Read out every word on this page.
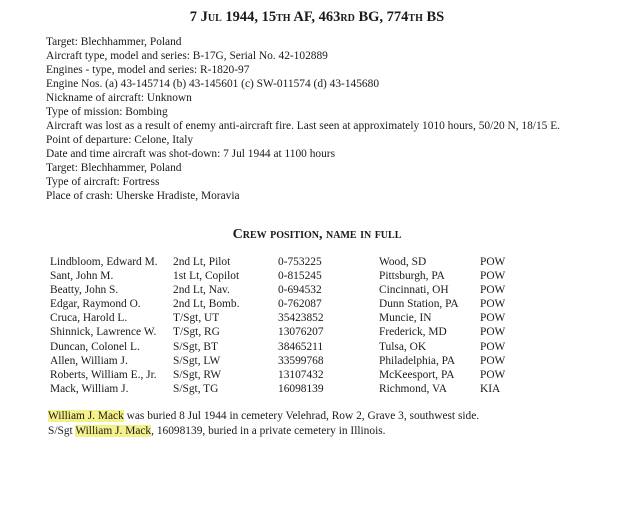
7 Jul 1944, 15th AF, 463rd BG, 774th BS
Target: Blechhammer, Poland
Aircraft type, model and series: B-17G, Serial No. 42-102889
Engines - type, model and series: R-1820-97
Engine Nos. (a) 43-145714 (b) 43-145601 (c) SW-011574 (d) 43-145680
Nickname of aircraft: Unknown
Type of mission: Bombing
Aircraft was lost as a result of enemy anti-aircraft fire. Last seen at approximately 1010 hours, 50/20 N, 18/15 E.
Point of departure: Celone, Italy
Date and time aircraft was shot-down: 7 Jul 1944 at 1100 hours
Target: Blechhammer, Poland
Type of aircraft: Fortress
Place of crash: Uherske Hradiste, Moravia
Crew position, name in full
Lindbloom, Edward M. 2nd Lt, Pilot	0-753225	Wood, SD	POW
Sant, John M.	1st Lt, Copilot	0-815245	Pittsburgh, PA	POW
Beatty, John S.	2nd Lt, Nav.	0-694532	Cincinnati, OH	POW
Edgar, Raymond O.	2nd Lt, Bomb.	0-762087	Dunn Station, PA POW
Cruca, Harold L.	T/Sgt, UT	35423852	Muncie, IN	POW
Shinnick, Lawrence W. T/Sgt, RG	13076207	Frederick, MD	POW
Duncan, Colonel L.	S/Sgt, BT	38465211	Tulsa, OK	POW
Allen, William J.	S/Sgt, LW	33599768	Philadelphia, PA POW
Roberts, William E., Jr. S/Sgt, RW	13107432	McKeesport, PA POW
Mack, William J.	S/Sgt, TG	16098139	Richmond, VA	KIA
William J. Mack was buried 8 Jul 1944 in cemetery Velehrad, Row 2, Grave 3, southwest side.
S/Sgt William J. Mack, 16098139, buried in a private cemetery in Illinois.
